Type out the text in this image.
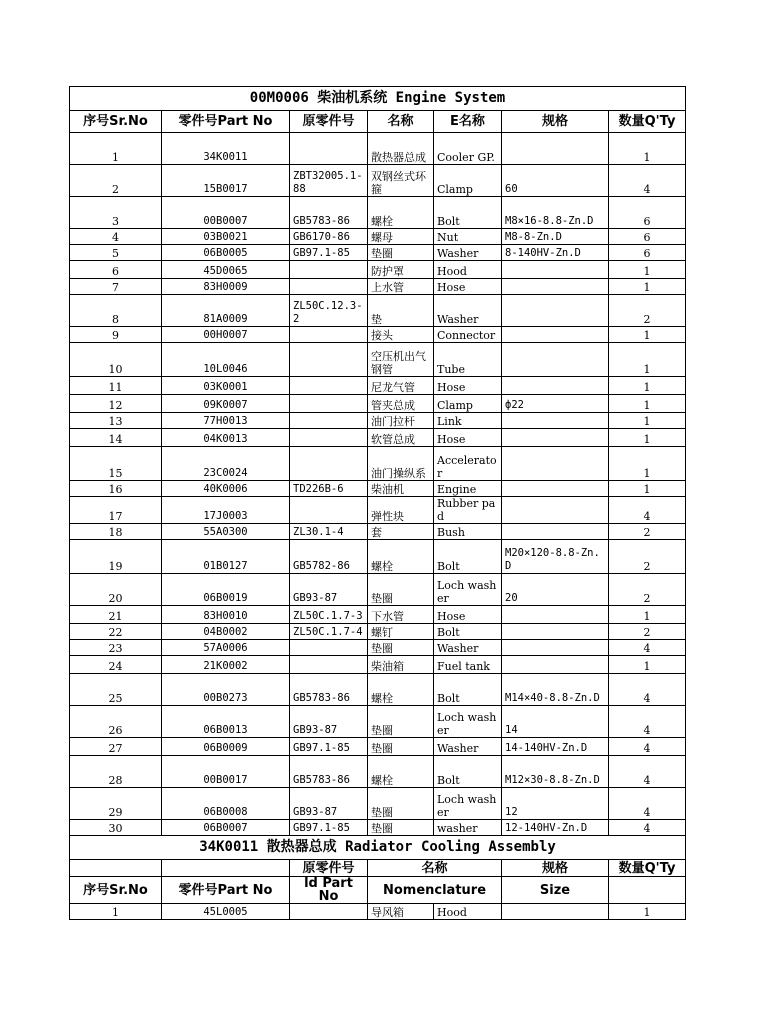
00M0006 柴油机系统 Engine System						
序号Sr.No	零件号Part No	原零件号	名称	E名称	规格	数量Q'Ty
1	34K0011		散热器总成	Cooler GP.		1
2	15B0017	ZBT32005.1-88	双钢丝式环箍	Clamp	60	4
3	00B0007	GB5783-86	螺栓	Bolt	M8×16-8.8-Zn.D	6
4	03B0021	GB6170-86	螺母	Nut	M8-8-Zn.D	6
5	06B0005	GB97.1-85	垫圈	Washer	8-140HV-Zn.D	6
6	45D0065		防护罩	Hood		1
7	83H0009		上水管	Hose		1
8	81A0009	ZL50C.12.3-2	垫	Washer		2
9	00H0007		接头	Connector		1
10	10L0046		空压机出气钢管	Tube		1
11	03K0001		尼龙气管	Hose		1
12	09K0007		管夹总成	Clamp	ф22	1
13	77H0013		油门拉杆	Link		1
14	04K0013		软管总成	Hose		1
15	23C0024		油门操纵系	Accelerator		1
16	40K0006	TD226B-6	柴油机	Engine		1
17	17J0003		弹性块	Rubber pad		4
18	55A0300	ZL30.1-4	套	Bush		2
19	01B0127	GB5782-86	螺栓	Bolt	M20×120-8.8-Zn.D	2
20	06B0019	GB93-87	垫圈	Loch washer	20	2
21	83H0010	ZL50C.1.7-3	下水管	Hose		1
22	04B0002	ZL50C.1.7-4	螺钉	Bolt		2
23	57A0006		垫圈	Washer		4
24	21K0002		柴油箱	Fuel tank		1
25	00B0273	GB5783-86	螺栓	Bolt	M14×40-8.8-Zn.D	4
26	06B0013	GB93-87	垫圈	Loch washer	14	4
27	06B0009	GB97.1-85	垫圈	Washer	14-140HV-Zn.D	4
28	00B0017	GB5783-86	螺栓	Bolt	M12×30-8.8-Zn.D	4
29	06B0008	GB93-87	垫圈	Loch washer	12	4
30	06B0007	GB97.1-85	垫圈	washer	12-140HV-Zn.D	4
34K0011 散热器总成 Radiator Cooling Assembly						
		原零件号	名称		规格	数量Q'Ty
序号Sr.No	零件号Part No	ld Part No	Nomenclature		Size	
1	45L0005		导风箱	Hood		1
